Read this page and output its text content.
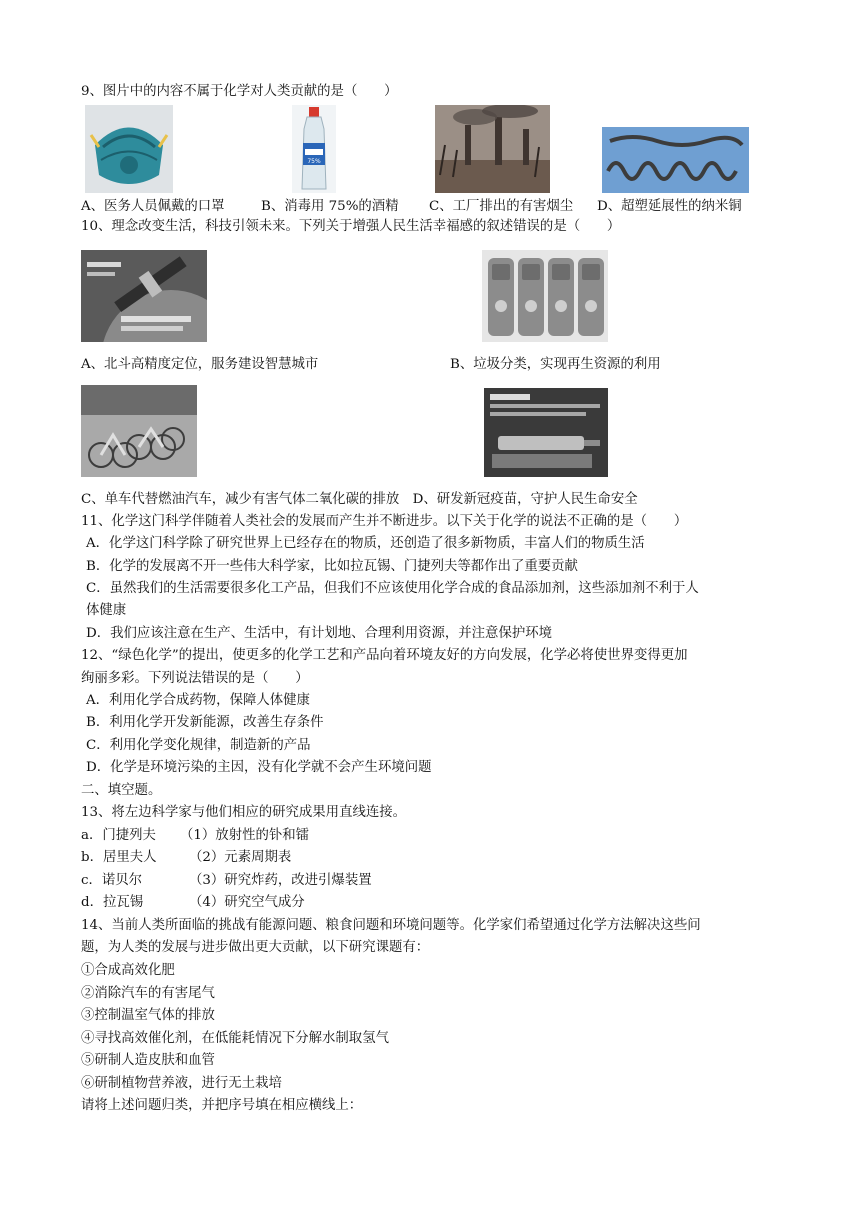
9、图片中的内容不属于化学对人类贡献的是（　　）
75%
A、医务人员佩戴的口罩	B、消毒用 75%的酒精 C、工厂排出的有害烟尘 D、超塑延展性的纳米铜
10、理念改变生活，科技引领未来。下列关于增强人民生活幸福感的叙述错误的是（　　）
A、北斗高精度定位，服务建设智慧城市	B、垃圾分类，实现再生资源的利用
C、单车代替燃油汽车，减少有害气体二氧化碳的排放　D、研发新冠疫苗，守护人民生命安全
11、化学这门科学伴随着人类社会的发展而产生并不断进步。以下关于化学的说法不正确的是（　　）
A．化学这门科学除了研究世界上已经存在的物质，还创造了很多新物质，丰富人们的物质生活
B．化学的发展离不开一些伟大科学家，比如拉瓦锡、门捷列夫等都作出了重要贡献
C．虽然我们的生活需要很多化工产品，但我们不应该使用化学合成的食品添加剂，这些添加剂不利于人
体健康
D．我们应该注意在生产、生活中，有计划地、合理利用资源，并注意保护环境
12、“绿色化学”的提出，使更多的化学工艺和产品向着环境友好的方向发展，化学必将使世界变得更加
绚丽多彩。下列说法错误的是（　　）
A．利用化学合成药物，保障人体健康
B．利用化学开发新能源，改善生存条件
C．利用化学变化规律，制造新的产品
D．化学是环境污染的主因，没有化学就不会产生环境问题
二、填空题。
13、将左边科学家与他们相应的研究成果用直线连接。
a．门捷列夫 （1）放射性的钋和镭
b．居里夫人 （2）元素周期表
c．诺贝尔	（3）研究炸药，改进引爆装置
d．拉瓦锡	（4）研究空气成分
14、当前人类所面临的挑战有能源问题、粮食问题和环境问题等。化学家们希望通过化学方法解决这些问
题，为人类的发展与进步做出更大贡献，以下研究课题有：
①合成高效化肥
②消除汽车的有害尾气
③控制温室气体的排放
④寻找高效催化剂，在低能耗情况下分解水制取氢气
⑤研制人造皮肤和血管
⑥研制植物营养液，进行无土栽培
请将上述问题归类，并把序号填在相应横线上：
